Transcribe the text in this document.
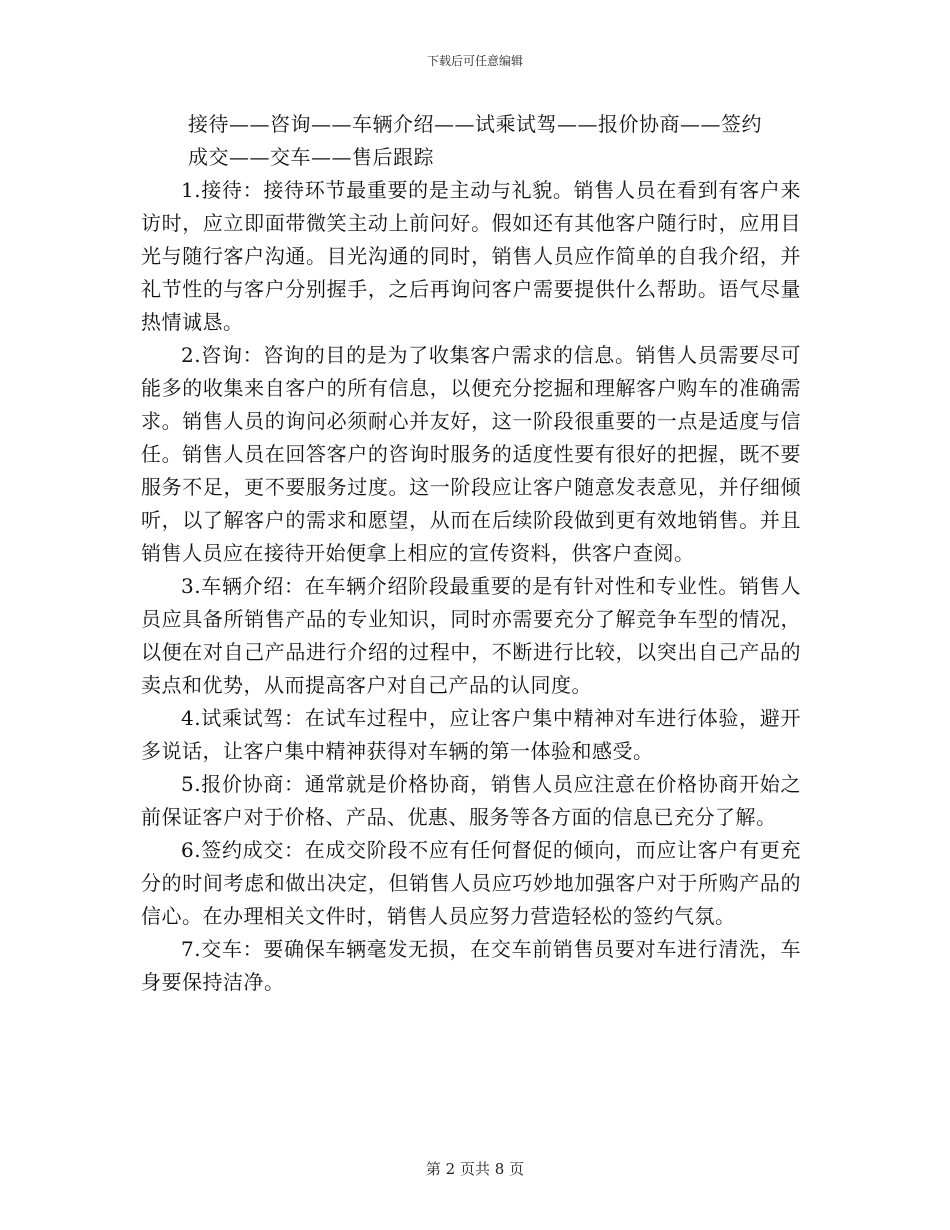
下载后可任意编辑

接待——咨询——车辆介绍——试乘试驾——报价协商——签约

成交——交车——售后跟踪

1.接待：接待环节最重要的是主动与礼貌。销售人员在看到有客户来访时，应立即面带微笑主动上前问好。假如还有其他客户随行时，应用目光与随行客户沟通。目光沟通的同时，销售人员应作简单的自我介绍，并礼节性的与客户分别握手，之后再询问客户需要提供什么帮助。语气尽量热情诚恳。

2.咨询：咨询的目的是为了收集客户需求的信息。销售人员需要尽可能多的收集来自客户的所有信息，以便充分挖掘和理解客户购车的准确需求。销售人员的询问必须耐心并友好，这一阶段很重要的一点是适度与信任。销售人员在回答客户的咨询时服务的适度性要有很好的把握，既不要服务不足，更不要服务过度。这一阶段应让客户随意发表意见，并仔细倾听，以了解客户的需求和愿望，从而在后续阶段做到更有效地销售。并且销售人员应在接待开始便拿上相应的宣传资料，供客户查阅。

3.车辆介绍：在车辆介绍阶段最重要的是有针对性和专业性。销售人员应具备所销售产品的专业知识，同时亦需要充分了解竞争车型的情况，以便在对自己产品进行介绍的过程中，不断进行比较，以突出自己产品的卖点和优势，从而提高客户对自己产品的认同度。

4.试乘试驾：在试车过程中，应让客户集中精神对车进行体验，避开多说话，让客户集中精神获得对车辆的第一体验和感受。

5.报价协商：通常就是价格协商，销售人员应注意在价格协商开始之前保证客户对于价格、产品、优惠、服务等各方面的信息已充分了解。

6.签约成交：在成交阶段不应有任何督促的倾向，而应让客户有更充分的时间考虑和做出决定，但销售人员应巧妙地加强客户对于所购产品的信心。在办理相关文件时，销售人员应努力营造轻松的签约气氛。

7.交车：要确保车辆毫发无损，在交车前销售员要对车进行清洗，车身要保持洁净。

第 2 页共 8 页
